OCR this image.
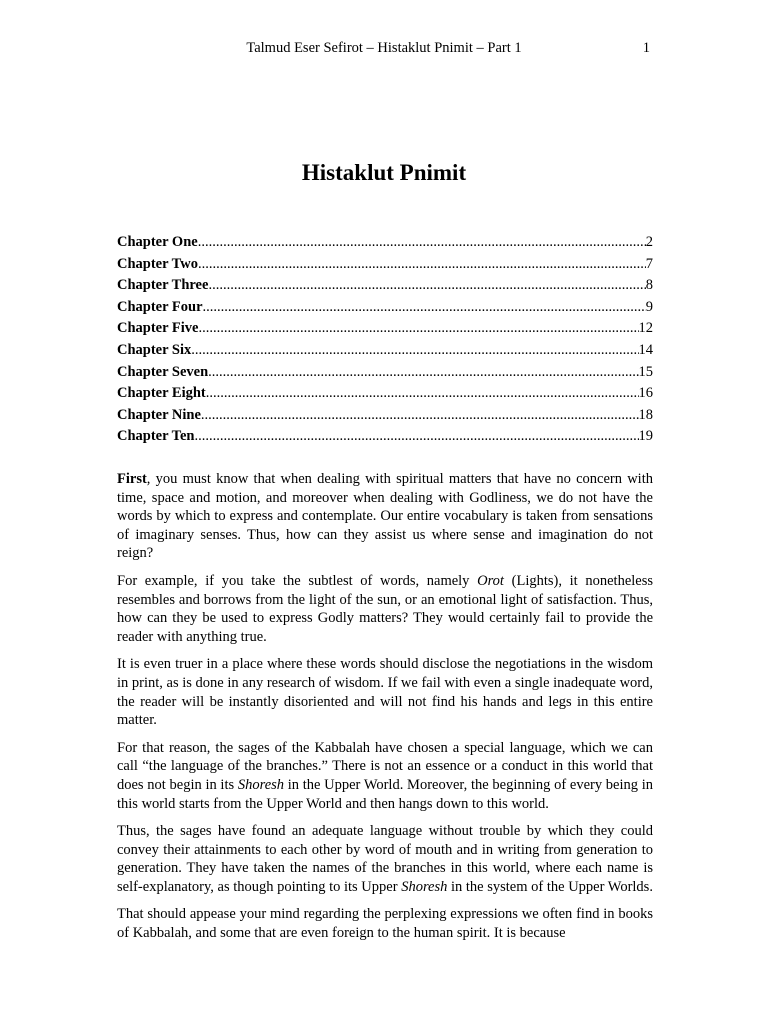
Talmud Eser Sefirot – Histaklut Pnimit – Part 1	1
Histaklut Pnimit
Chapter One .....	2
Chapter Two .....	7
Chapter Three .....	8
Chapter Four .....	9
Chapter Five .....	12
Chapter Six .....	14
Chapter Seven .....	15
Chapter Eight .....	16
Chapter Nine .....	18
Chapter Ten .....	19

First, you must know that when dealing with spiritual matters that have no concern with time, space and motion, and moreover when dealing with Godliness, we do not have the words by which to express and contemplate. Our entire vocabulary is taken from sensations of imaginary senses. Thus, how can they assist us where sense and imagination do not reign?

For example, if you take the subtlest of words, namely Orot (Lights), it nonetheless resembles and borrows from the light of the sun, or an emotional light of satisfaction. Thus, how can they be used to express Godly matters? They would certainly fail to provide the reader with anything true.

It is even truer in a place where these words should disclose the negotiations in the wisdom in print, as is done in any research of wisdom. If we fail with even a single inadequate word, the reader will be instantly disoriented and will not find his hands and legs in this entire matter.

For that reason, the sages of the Kabbalah have chosen a special language, which we can call “the language of the branches.” There is not an essence or a conduct in this world that does not begin in its Shoresh in the Upper World. Moreover, the beginning of every being in this world starts from the Upper World and then hangs down to this world.

Thus, the sages have found an adequate language without trouble by which they could convey their attainments to each other by word of mouth and in writing from generation to generation. They have taken the names of the branches in this world, where each name is self-explanatory, as though pointing to its Upper Shoresh in the system of the Upper Worlds.

That should appease your mind regarding the perplexing expressions we often find in books of Kabbalah, and some that are even foreign to the human spirit. It is because
